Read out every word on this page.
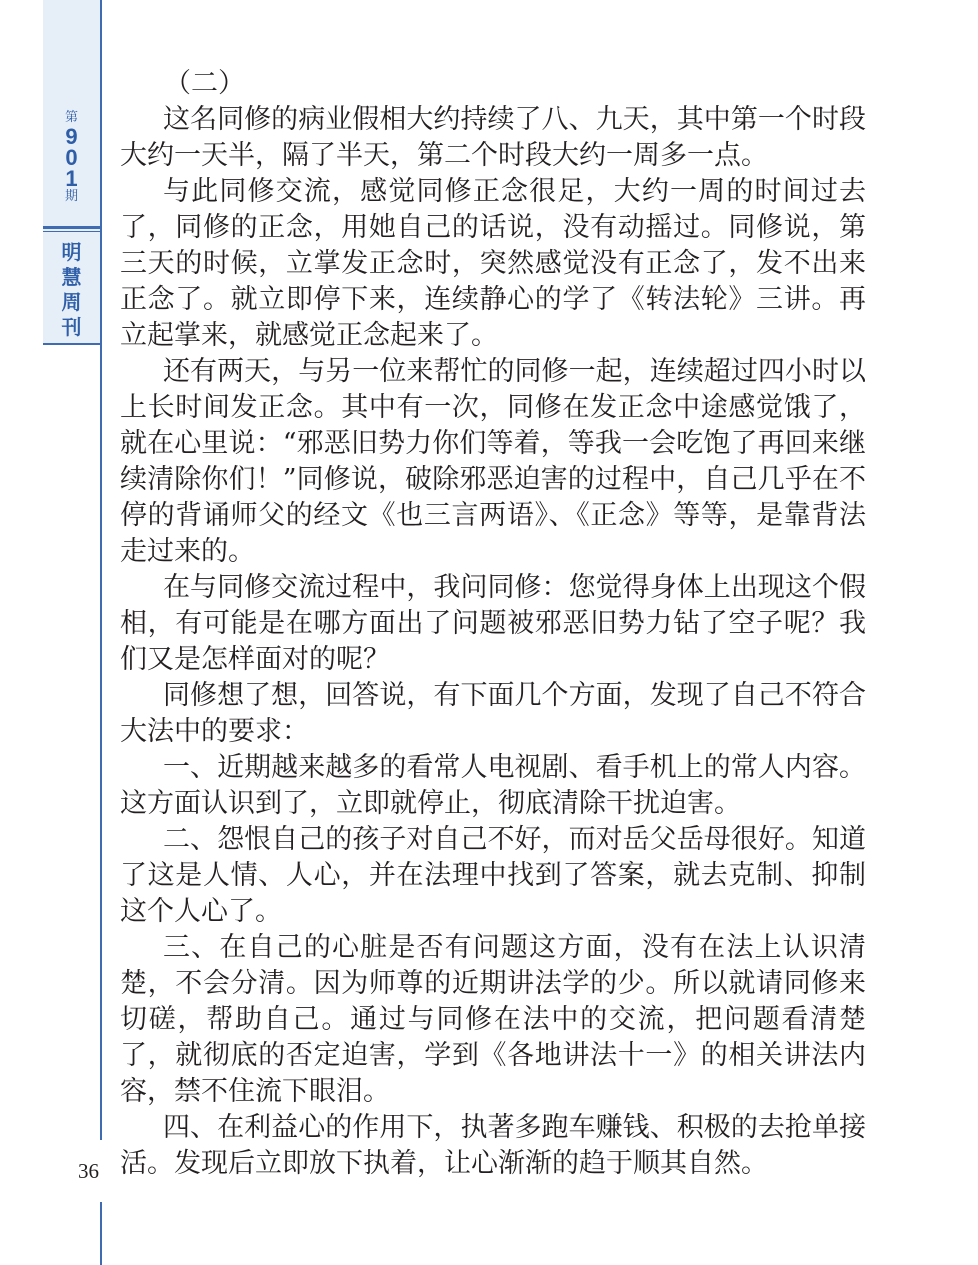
第
9
0
1
期
明
慧
周
刊
（二）

这名同修的病业假相大约持续了八、九天，其中第一个时段大约一天半，隔了半天，第二个时段大约一周多一点。

与此同修交流，感觉同修正念很足，大约一周的时间过去了，同修的正念，用她自己的话说，没有动摇过。同修说，第三天的时候，立掌发正念时，突然感觉没有正念了，发不出来正念了。就立即停下来，连续静心的学了《转法轮》三讲。再立起掌来，就感觉正念起来了。

还有两天，与另一位来帮忙的同修一起，连续超过四小时以上长时间发正念。其中有一次，同修在发正念中途感觉饿了，就在心里说：“邪恶旧势力你们等着，等我一会吃饱了再回来继续清除你们！”同修说，破除邪恶迫害的过程中，自己几乎在不停的背诵师父的经文《也三言两语》、《正念》等等，是靠背法走过来的。

在与同修交流过程中，我问同修：您觉得身体上出现这个假相，有可能是在哪方面出了问题被邪恶旧势力钻了空子呢？我们又是怎样面对的呢？

同修想了想，回答说，有下面几个方面，发现了自己不符合大法中的要求：

一、近期越来越多的看常人电视剧、看手机上的常人内容。这方面认识到了，立即就停止，彻底清除干扰迫害。

二、怨恨自己的孩子对自己不好，而对岳父岳母很好。知道了这是人情、人心，并在法理中找到了答案，就去克制、抑制这个人心了。

三、在自己的心脏是否有问题这方面，没有在法上认识清楚，不会分清。因为师尊的近期讲法学的少。所以就请同修来切磋，帮助自己。通过与同修在法中的交流，把问题看清楚了，就彻底的否定迫害，学到《各地讲法十一》的相关讲法内容，禁不住流下眼泪。

四、在利益心的作用下，执著多跑车赚钱、积极的去抢单接活。发现后立即放下执着，让心渐渐的趋于顺其自然。

36
